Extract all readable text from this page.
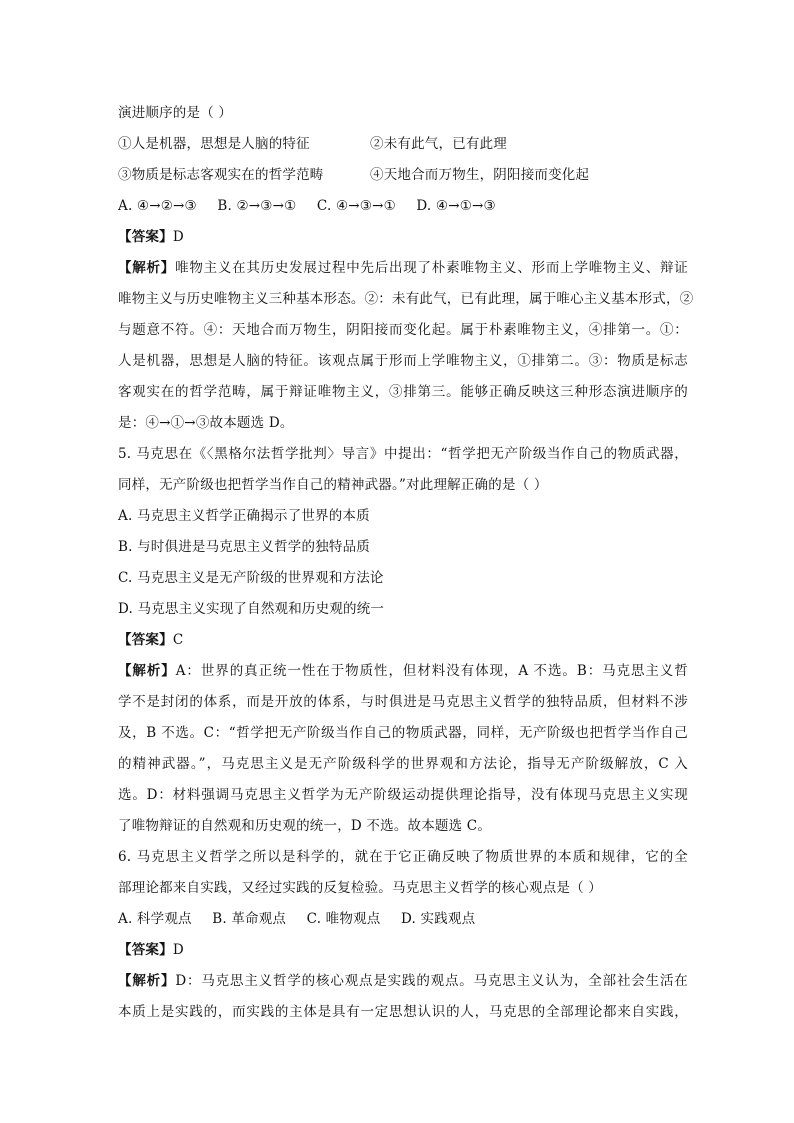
演进顺序的是（ ）
①人是机器，思想是人脑的特征	②未有此气，已有此理
③物质是标志客观实在的哲学范畴	④天地合而万物生，阴阳接而变化起
A. ④→②→③ B. ②→③→① C. ④→③→① D. ④→①→③
【答案】D
【解析】唯物主义在其历史发展过程中先后出现了朴素唯物主义、形而上学唯物主义、辩证
唯物主义与历史唯物主义三种基本形态。②：未有此气，已有此理，属于唯心主义基本形式，②
与题意不符。④：天地合而万物生，阴阳接而变化起。属于朴素唯物主义，④排第一。①：
人是机器，思想是人脑的特征。该观点属于形而上学唯物主义，①排第二。③：物质是标志
客观实在的哲学范畴，属于辩证唯物主义，③排第三。能够正确反映这三种形态演进顺序的
是：④→①→③故本题选 D。
5. 马克思在《〈黑格尔法哲学批判〉导言》中提出：“哲学把无产阶级当作自己的物质武器，
同样，无产阶级也把哲学当作自己的精神武器。”对此理解正确的是（ ）
A. 马克思主义哲学正确揭示了世界的本质
B. 与时俱进是马克思主义哲学的独特品质
C. 马克思主义是无产阶级的世界观和方法论
D. 马克思主义实现了自然观和历史观的统一
【答案】C
【解析】A：世界的真正统一性在于物质性，但材料没有体现，A 不选。B：马克思主义哲
学不是封闭的体系，而是开放的体系，与时俱进是马克思主义哲学的独特品质，但材料不涉
及，B 不选。C：“哲学把无产阶级当作自己的物质武器，同样，无产阶级也把哲学当作自己
的精神武器。”，马克思主义是无产阶级科学的世界观和方法论，指导无产阶级解放，C 入
选。D：材料强调马克思主义哲学为无产阶级运动提供理论指导，没有体现马克思主义实现
了唯物辩证的自然观和历史观的统一，D 不选。故本题选 C。
6. 马克思主义哲学之所以是科学的，就在于它正确反映了物质世界的本质和规律，它的全
部理论都来自实践，又经过实践的反复检验。马克思主义哲学的核心观点是（ ）
A. 科学观点 B. 革命观点 C. 唯物观点 D. 实践观点
【答案】D
【解析】D：马克思主义哲学的核心观点是实践的观点。马克思主义认为，全部社会生活在
本质上是实践的，而实践的主体是具有一定思想认识的人，马克思的全部理论都来自实践，
